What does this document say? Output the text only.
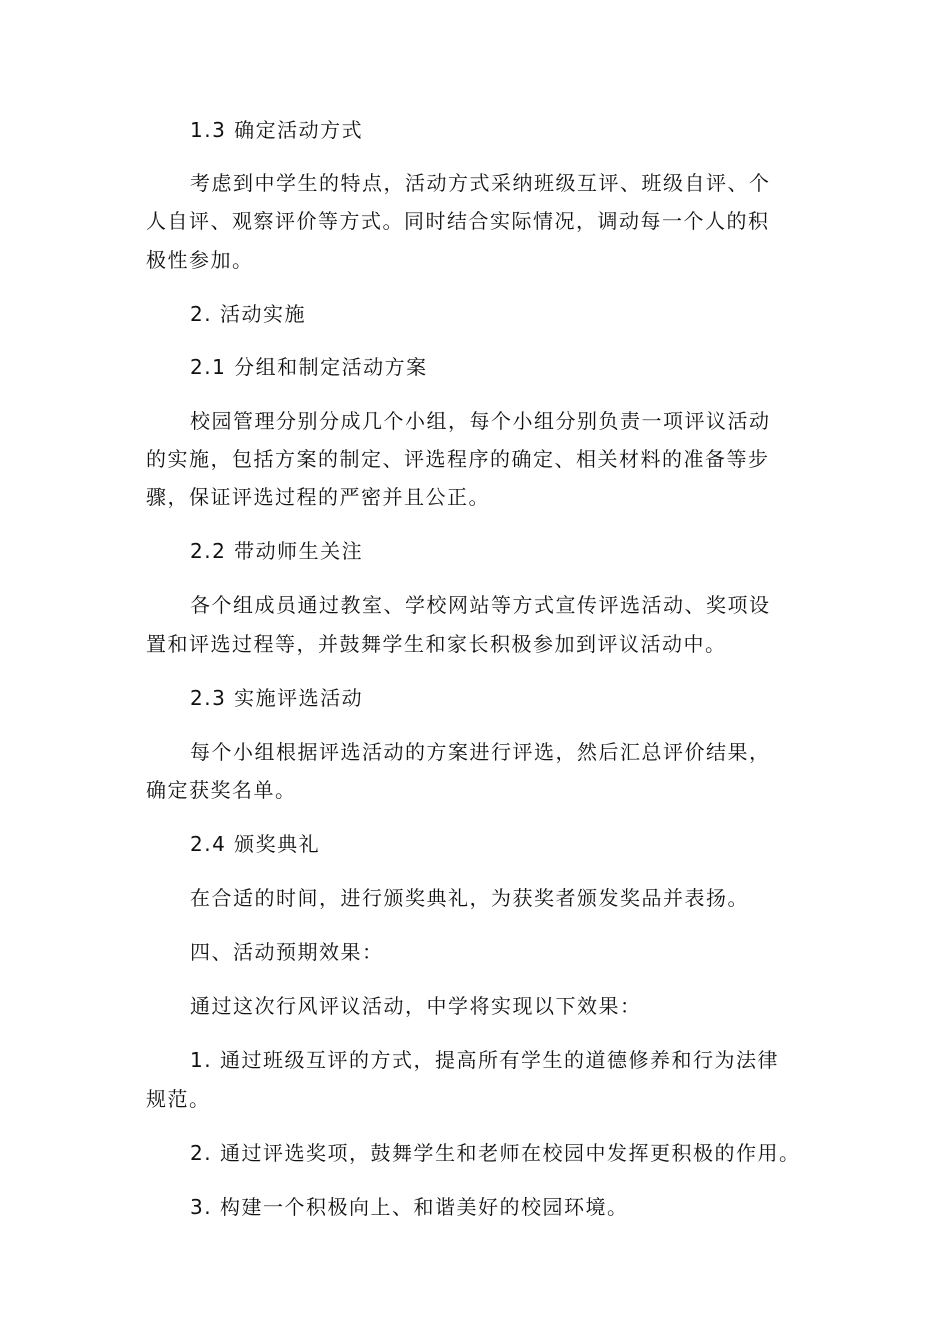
1.3 确定活动方式
考虑到中学生的特点，活动方式采纳班级互评、班级自评、个
人自评、观察评价等方式。同时结合实际情况，调动每一个人的积
极性参加。
2. 活动实施
2.1 分组和制定活动方案
校园管理分别分成几个小组，每个小组分别负责一项评议活动
的实施，包括方案的制定、评选程序的确定、相关材料的准备等步
骤，保证评选过程的严密并且公正。
2.2 带动师生关注
各个组成员通过教室、学校网站等方式宣传评选活动、奖项设
置和评选过程等，并鼓舞学生和家长积极参加到评议活动中。
2.3 实施评选活动
每个小组根据评选活动的方案进行评选，然后汇总评价结果，
确定获奖名单。
2.4 颁奖典礼
在合适的时间，进行颁奖典礼，为获奖者颁发奖品并表扬。
四、活动预期效果：
通过这次行风评议活动，中学将实现以下效果：
1. 通过班级互评的方式，提高所有学生的道德修养和行为法律
规范。
2. 通过评选奖项，鼓舞学生和老师在校园中发挥更积极的作用。
3. 构建一个积极向上、和谐美好的校园环境。
